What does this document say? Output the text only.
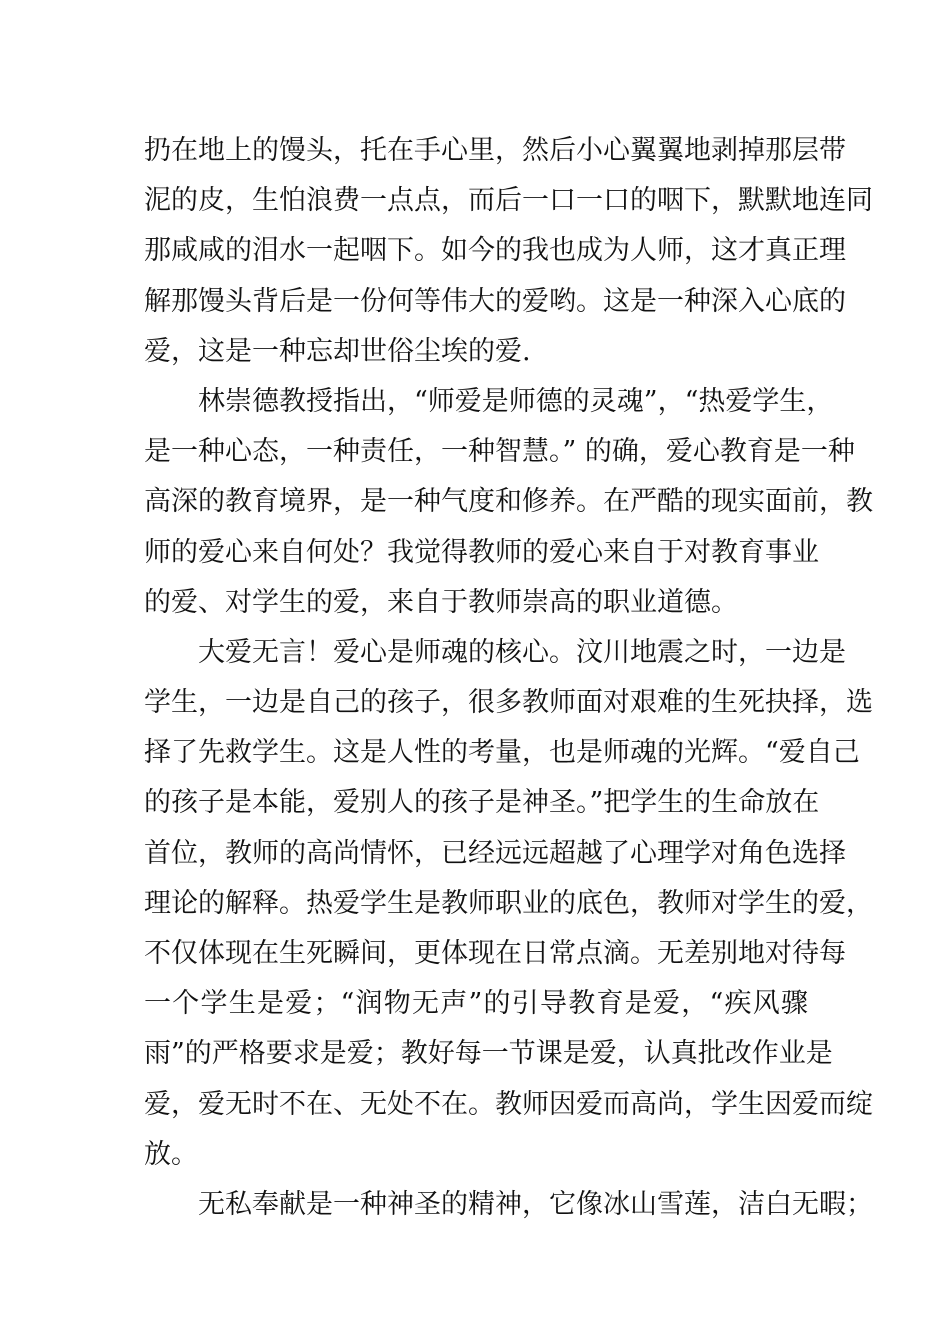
扔在地上的馒头，托在手心里，然后小心翼翼地剥掉那层带
泥的皮，生怕浪费一点点，而后一口一口的咽下，默默地连同
那咸咸的泪水一起咽下。如今的我也成为人师，这才真正理
解那馒头背后是一份何等伟大的爱哟。这是一种深入心底的
爱，这是一种忘却世俗尘埃的爱.
林崇德教授指出，“师爱是师德的灵魂”，“热爱学生，
是一种心态，一种责任，一种智慧。” 的确，爱心教育是一种
高深的教育境界，是一种气度和修养。在严酷的现实面前，教
师的爱心来自何处？我觉得教师的爱心来自于对教育事业
的爱、对学生的爱，来自于教师崇高的职业道德。
大爱无言！爱心是师魂的核心。汶川地震之时，一边是
学生，一边是自己的孩子，很多教师面对艰难的生死抉择，选
择了先救学生。这是人性的考量，也是师魂的光辉。“爱自己
的孩子是本能，爱别人的孩子是神圣。”把学生的生命放在
首位，教师的高尚情怀，已经远远超越了心理学对角色选择
理论的解释。热爱学生是教师职业的底色，教师对学生的爱，
不仅体现在生死瞬间，更体现在日常点滴。无差别地对待每
一个学生是爱；“润物无声”的引导教育是爱，“疾风骤
雨”的严格要求是爱；教好每一节课是爱，认真批改作业是
爱，爱无时不在、无处不在。教师因爱而高尚，学生因爱而绽
放。
无私奉献是一种神圣的精神，它像冰山雪莲，洁白无暇；
